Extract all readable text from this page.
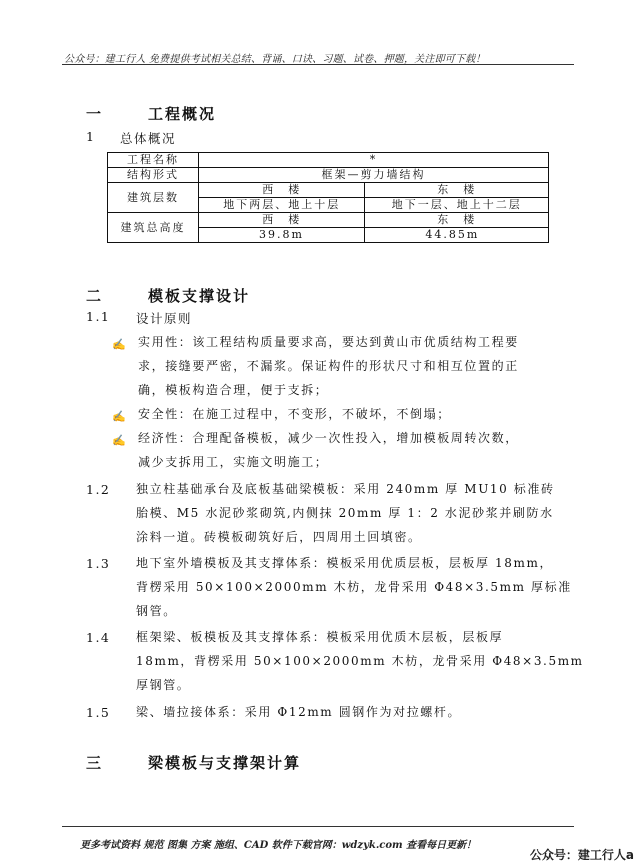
公众号：建工行人 免费提供考试相关总结、背诵、口诀、习题、试卷、押题，关注即可下载！
一	工程概况
1 总体概况
工程名称	*	
结构形式	框架—剪力墙结构	
建筑层数	西　楼	东　楼
	地下两层、地上十层	地下一层、地上十二层
建筑总高度	西　楼	东　楼
	39.8m	44.85m
二	模板支撑设计
1.1 设计原则
✍ 实用性：该工程结构质量要求高，要达到黄山市优质结构工程要
求，接缝要严密，不漏浆。保证构件的形状尺寸和相互位置的正
确，模板构造合理，便于支拆；
✍ 安全性：在施工过程中，不变形，不破坏，不倒塌；
✍ 经济性：合理配备模板，减少一次性投入，增加模板周转次数，
减少支拆用工，实施文明施工；
1.2 独立柱基础承台及底板基础梁模板：采用 240mm 厚 MU10 标准砖
胎模、M5 水泥砂浆砌筑,内侧抹 20mm 厚 1：2 水泥砂浆并刷防水
涂料一道。砖模板砌筑好后，四周用土回填密。
1.3 地下室外墙模板及其支撑体系：模板采用优质层板，层板厚 18mm，
背楞采用 50×100×2000mm 木枋，龙骨采用 Φ48×3.5mm 厚标准
钢管。
1.4 框架梁、板模板及其支撑体系：模板采用优质木层板，层板厚
18mm，背楞采用 50×100×2000mm 木枋，龙骨采用 Φ48×3.5mm
厚钢管。
1.5 梁、墙拉接体系：采用 Φ12mm 圆钢作为对拉螺杆。
三	梁模板与支撑架计算
更多考试资料 规范 图集 方案 施组、CAD 软件下载官网：wdzyk.com 查看每日更新！
公众号：建工行人a
